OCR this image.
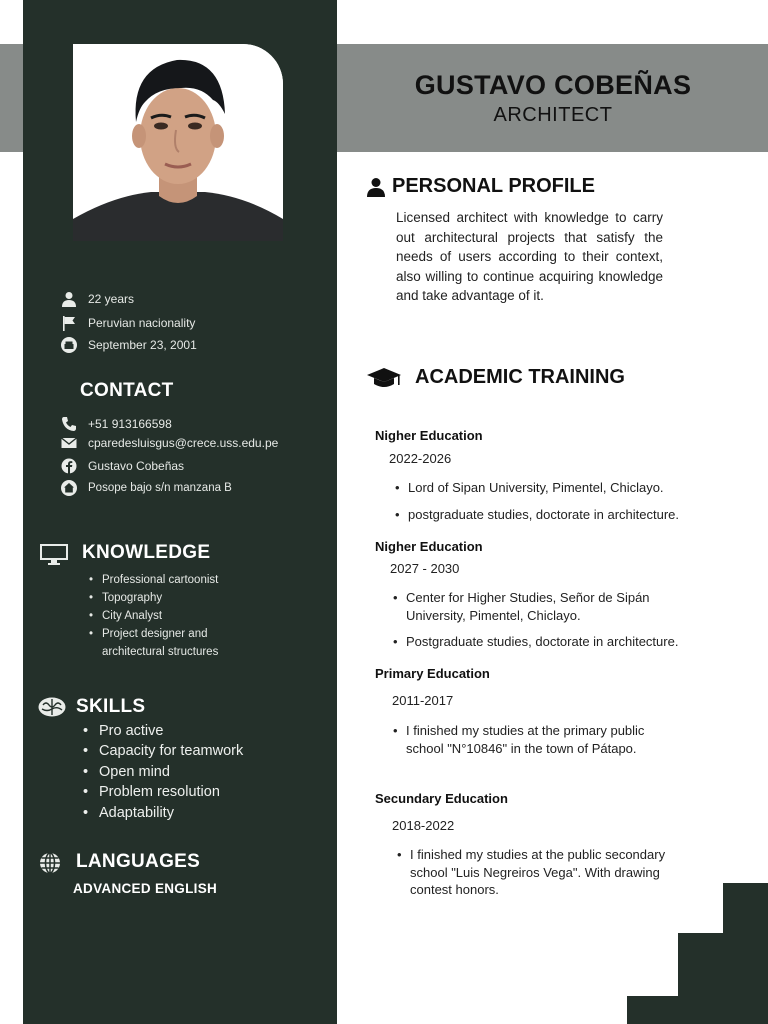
22 years
Peruvian nacionality
September 23, 2001
CONTACT
+51 913166598
cparedesluisgus@crece.uss.edu.pe
Gustavo Cobeñas
Posope bajo s/n manzana B
KNOWLEDGE
• Professional cartoonist
• Topography
• City Analyst
• Project designer and architectural structures
SKILLS
• Pro active
• Capacity for teamwork
• Open mind
• Problem resolution
• Adaptability
LANGUAGES
ADVANCED ENGLISH
GUSTAVO COBEÑAS
ARCHITECT
PERSONAL PROFILE
Licensed architect with knowledge to carry out architectural projects that satisfy the needs of users according to their context, also willing to continue acquiring knowledge and take advantage of it.
ACADEMIC TRAINING
Nigher Education
2022-2026
• Lord of Sipan University, Pimentel, Chiclayo.
• postgraduate studies, doctorate in architecture.
Nigher Education
2027 - 2030
• Center for Higher Studies, Señor de Sipán University, Pimentel, Chiclayo.
• Postgraduate studies, doctorate in architecture.
Primary Education
2011-2017
• I finished my studies at the primary public school "N°10846" in the town of Pátapo.
Secundary Education
2018-2022
• I finished my studies at the public secondary school "Luis Negreiros Vega". With drawing contest honors.
